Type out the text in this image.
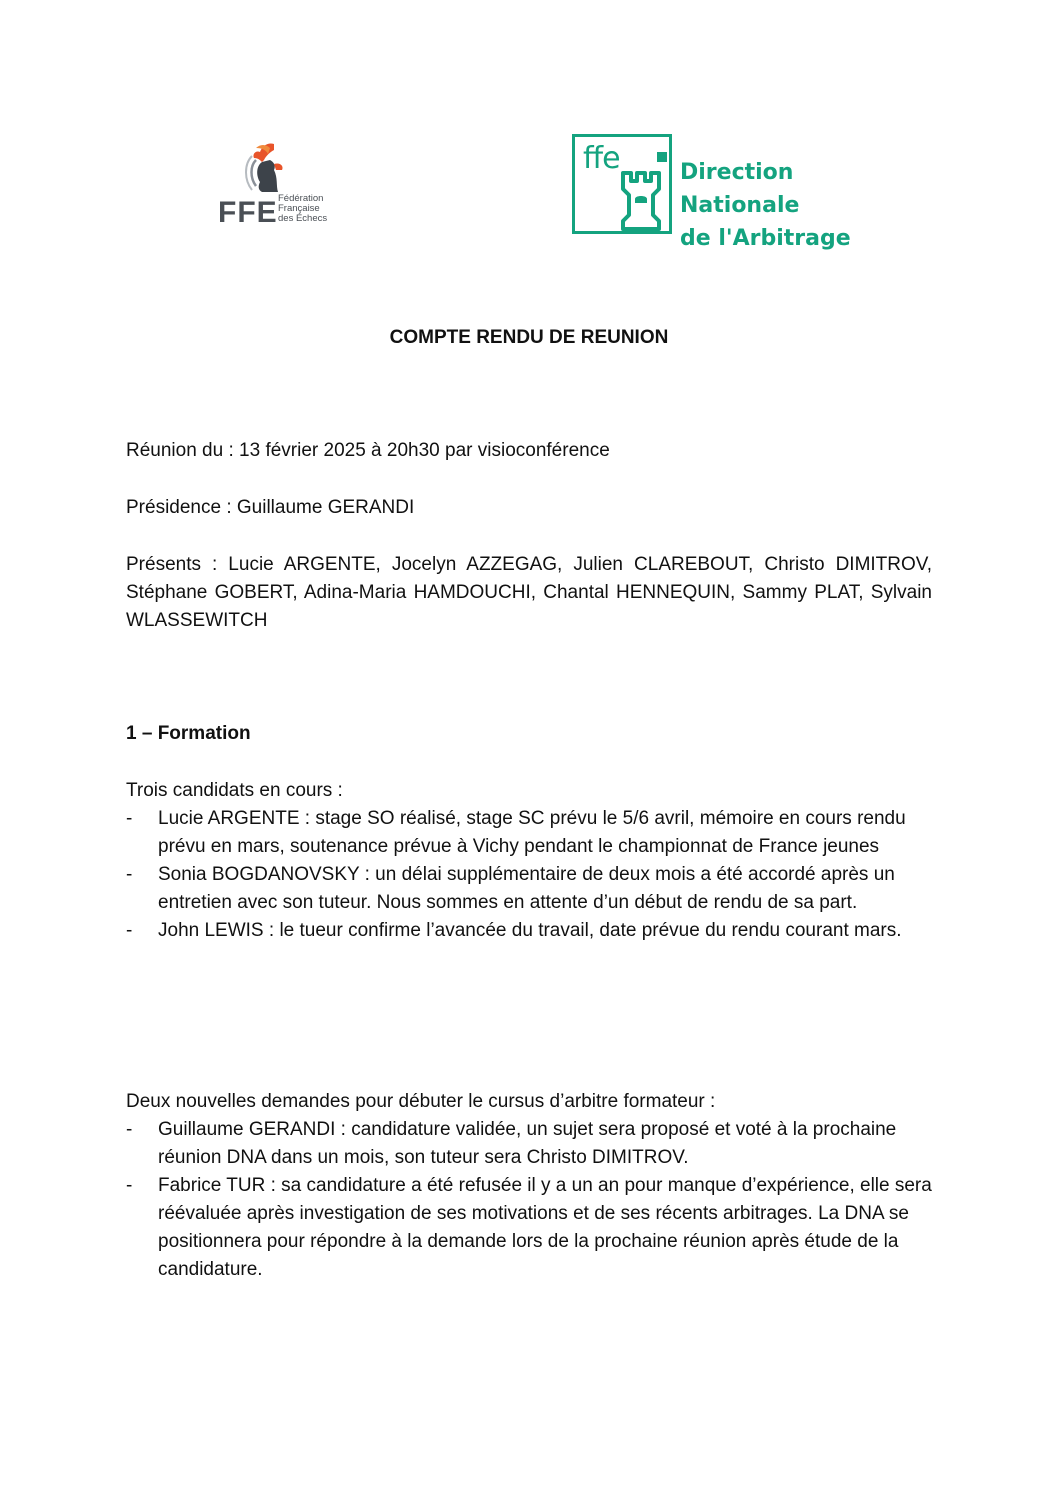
FFE Fédération
Française
des Échecs
ffe	Direction Nationale
de l'Arbitrage
COMPTE RENDU DE REUNION

Réunion du : 13 février 2025 à 20h30 par visioconférence

Présidence : Guillaume GERANDI

Présents : Lucie ARGENTE, Jocelyn AZZEGAG, Julien CLAREBOUT, Christo DIMITROV, Stéphane GOBERT, Adina-Maria HAMDOUCHI, Chantal HENNEQUIN, Sammy PLAT, Sylvain WLASSEWITCH

1 – Formation

Trois candidats en cours :

- Lucie ARGENTE : stage SO réalisé, stage SC prévu le 5/6 avril, mémoire en cours rendu prévu en mars, soutenance prévue à Vichy pendant le championnat de France jeunes
- Sonia BOGDANOVSKY : un délai supplémentaire de deux mois a été accordé après un entretien avec son tuteur. Nous sommes en attente d’un début de rendu de sa part.
- John LEWIS : le tueur confirme l’avancée du travail, date prévue du rendu courant mars.

Deux nouvelles demandes pour débuter le cursus d’arbitre formateur :

- Guillaume GERANDI : candidature validée, un sujet sera proposé et voté à la prochaine réunion DNA dans un mois, son tuteur sera Christo DIMITROV.
- Fabrice TUR : sa candidature a été refusée il y a un an pour manque d’expérience, elle sera réévaluée après investigation de ses motivations et de ses récents arbitrages. La DNA se positionnera pour répondre à la demande lors de la prochaine réunion après étude de la candidature.
